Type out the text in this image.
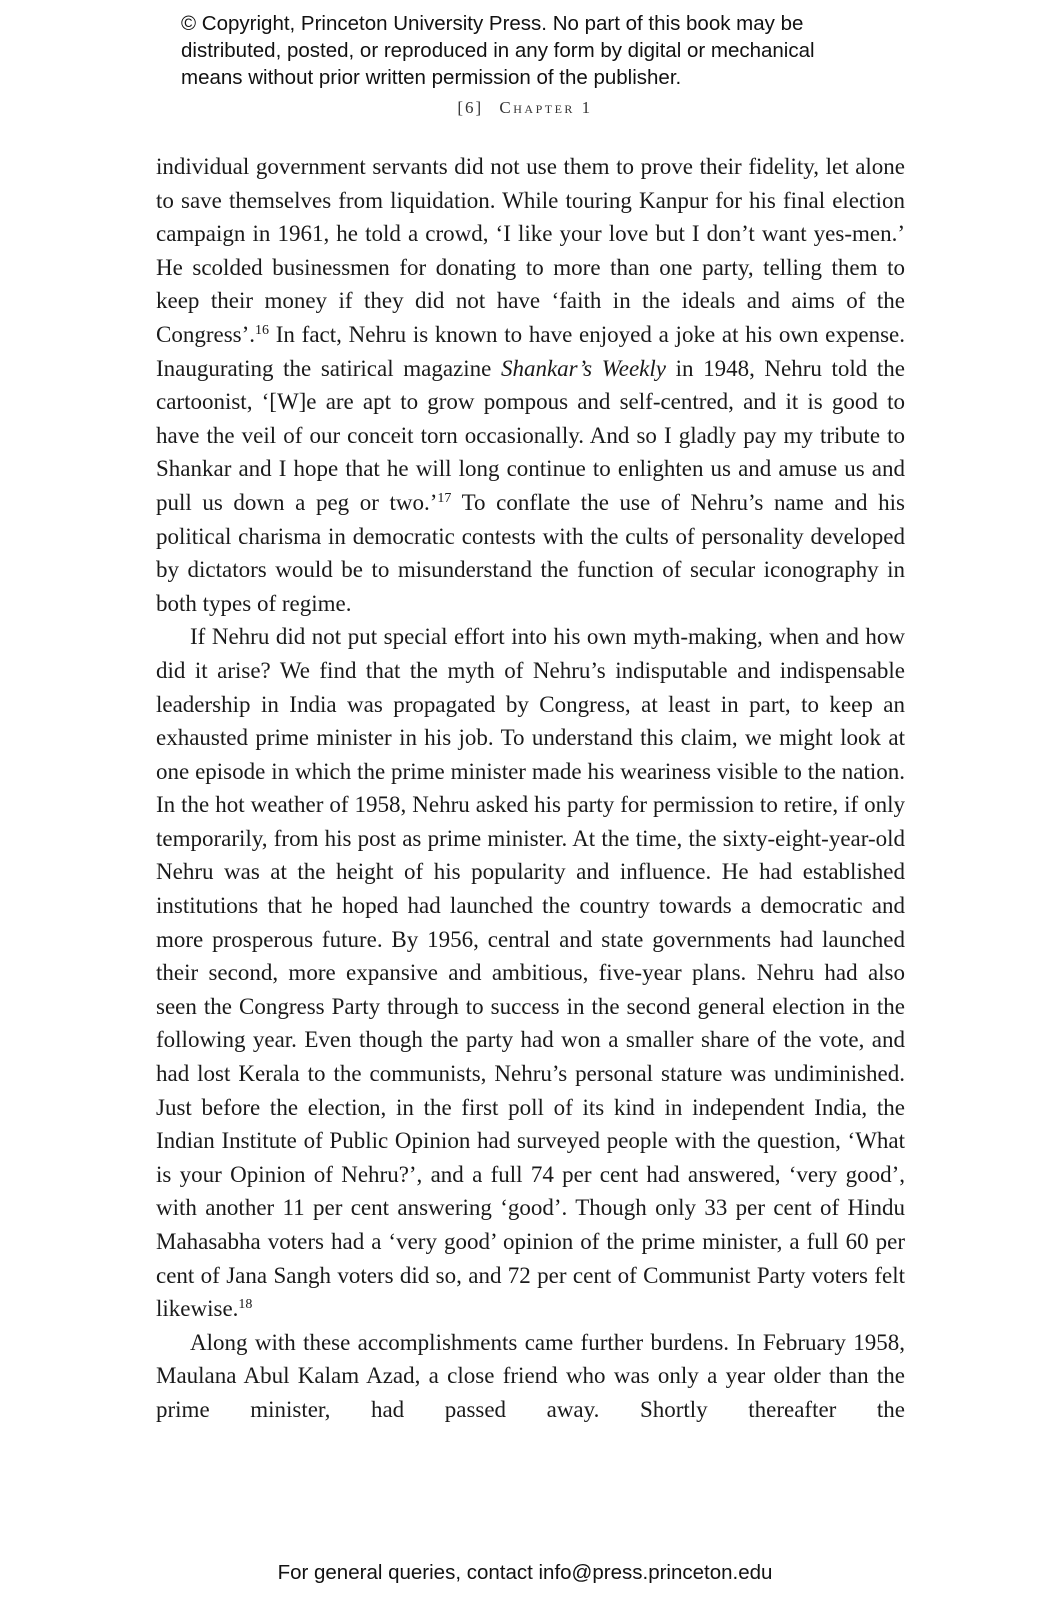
© Copyright, Princeton University Press. No part of this book may be

distributed, posted, or reproduced in any form by digital or mechanical

means without prior written permission of the publisher.

[6] Chapter 1

individual government servants did not use them to prove their fidelity, let alone to save themselves from liquidation. While touring Kanpur for his final election campaign in 1961, he told a crowd, ‘I like your love but I don’t want yes-men.’ He scolded businessmen for donating to more than one party, telling them to keep their money if they did not have ‘faith in the ideals and aims of the Congress’.$^{16}$ In fact, Nehru is known to have enjoyed a joke at his own expense. Inaugurating the satirical magazine Shankar’s Weekly in 1948, Nehru told the cartoonist, ‘[W]e are apt to grow pompous and self-centred, and it is good to have the veil of our conceit torn occasionally. And so I gladly pay my tribute to Shankar and I hope that he will long continue to enlighten us and amuse us and pull us down a peg or two.’$^{17}$ To conflate the use of Nehru’s name and his political charisma in democratic contests with the cults of personality developed by dictators would be to misunderstand the function of secular iconography in both types of regime.

If Nehru did not put special effort into his own myth-making, when and how did it arise? We find that the myth of Nehru’s indisputable and indispensable leadership in India was propagated by Congress, at least in part, to keep an exhausted prime minister in his job. To understand this claim, we might look at one episode in which the prime minister made his weariness visible to the nation. In the hot weather of 1958, Nehru asked his party for permission to retire, if only temporarily, from his post as prime minister. At the time, the sixty-eight-year-old Nehru was at the height of his popularity and influence. He had established institutions that he hoped had launched the country towards a democratic and more prosperous future. By 1956, central and state governments had launched their second, more expansive and ambitious, five-year plans. Nehru had also seen the Congress Party through to success in the second general election in the following year. Even though the party had won a smaller share of the vote, and had lost Kerala to the communists, Nehru’s personal stature was undiminished. Just before the election, in the first poll of its kind in independent India, the Indian Institute of Public Opinion had surveyed people with the question, ‘What is your Opinion of Nehru?’, and a full 74 per cent had answered, ‘very good’, with another 11 per cent answering ‘good’. Though only 33 per cent of Hindu Mahasabha voters had a ‘very good’ opinion of the prime minister, a full 60 per cent of Jana Sangh voters did so, and 72 per cent of Communist Party voters felt likewise.$^{18}$

Along with these accomplishments came further burdens. In February 1958, Maulana Abul Kalam Azad, a close friend who was only a year older than the prime minister, had passed away. Shortly thereafter the

For general queries, contact info@press.princeton.edu
